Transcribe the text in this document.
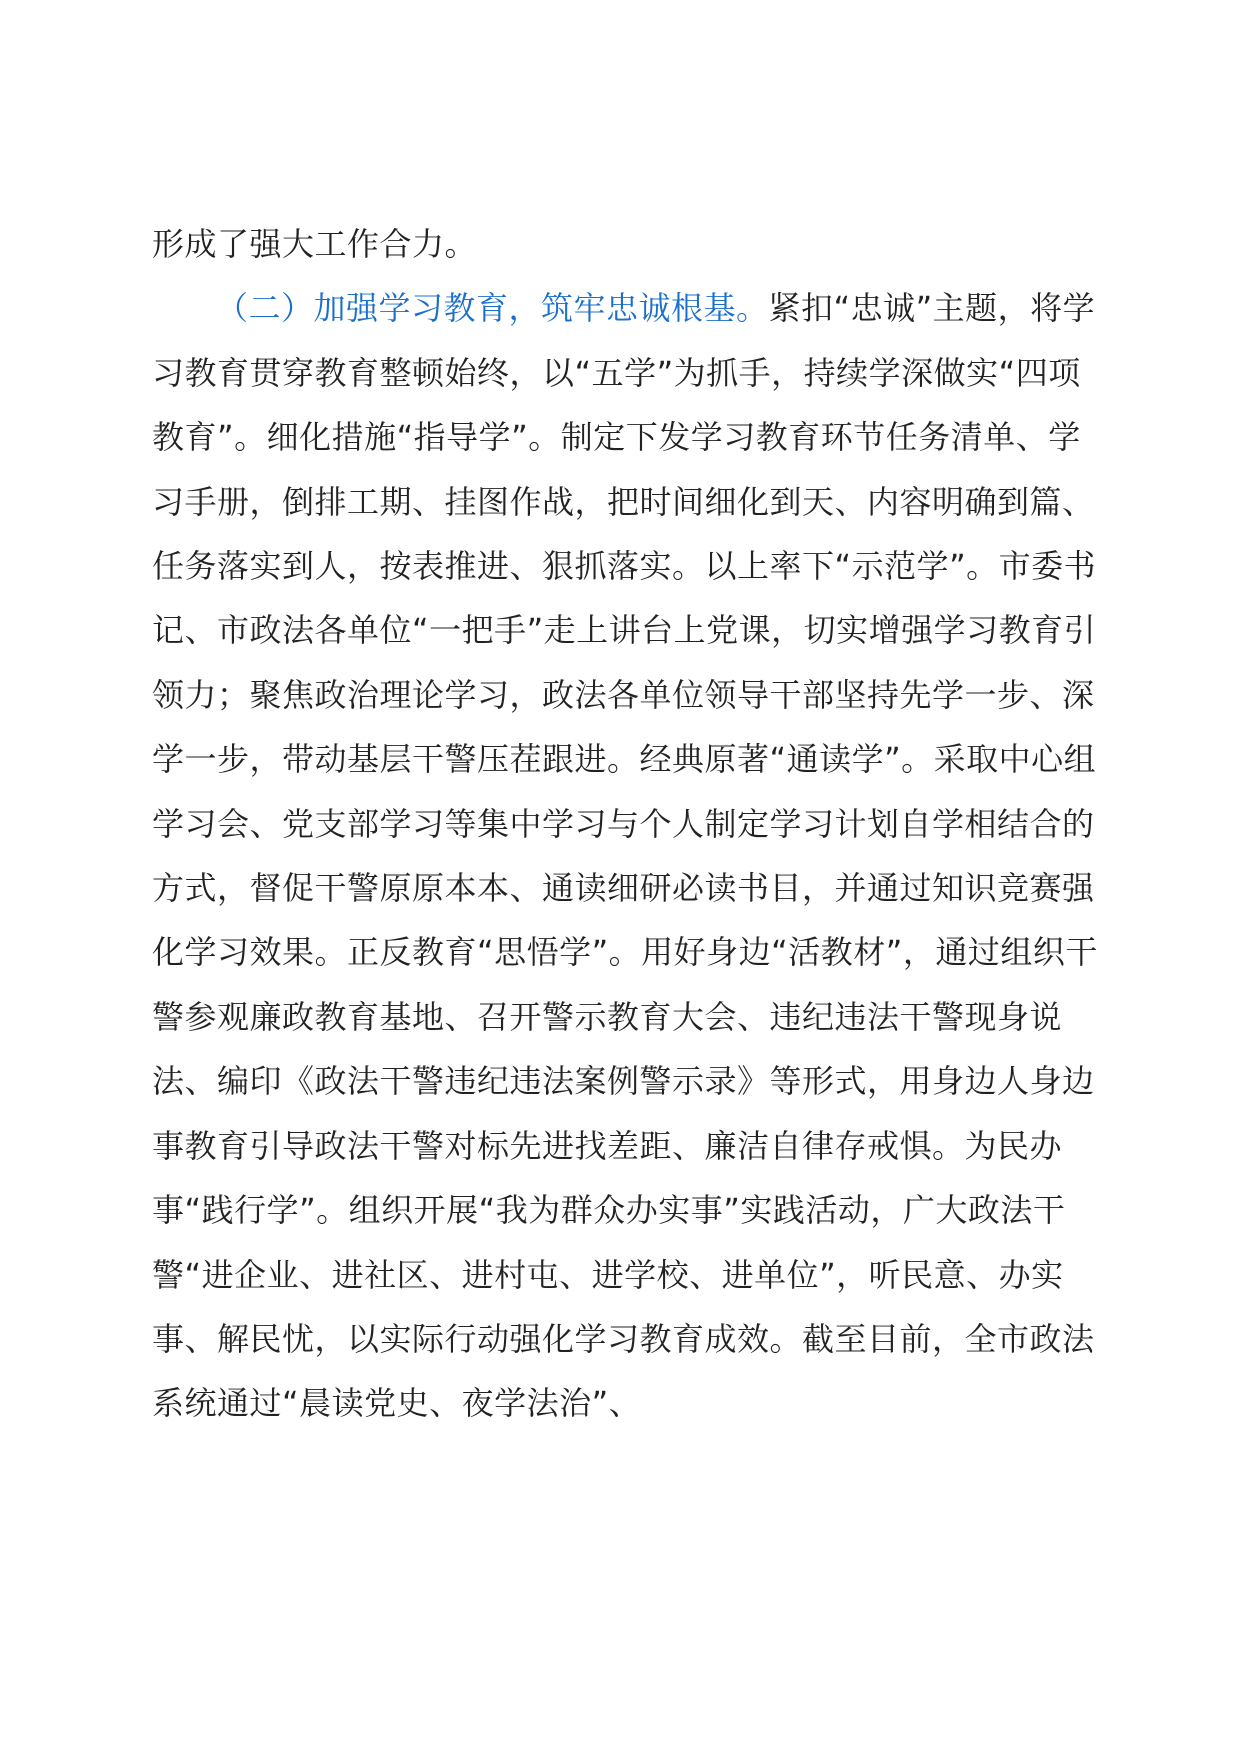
形成了强大工作合力。

（二）加强学习教育，筑牢忠诚根基。紧扣“忠诚”主题，将学习教育贯穿教育整顿始终，以“五学”为抓手，持续学深做实“四项教育”。细化措施“指导学”。制定下发学习教育环节任务清单、学习手册，倒排工期、挂图作战，把时间细化到天、内容明确到篇、任务落实到人，按表推进、狠抓落实。以上率下“示范学”。市委书记、市政法各单位“一把手”走上讲台上党课，切实增强学习教育引领力；聚焦政治理论学习，政法各单位领导干部坚持先学一步、深学一步，带动基层干警压茬跟进。经典原著“通读学”。采取中心组学习会、党支部学习等集中学习与个人制定学习计划自学相结合的方式，督促干警原原本本、通读细研必读书目，并通过知识竞赛强化学习效果。正反教育“思悟学”。用好身边“活教材”，通过组织干警参观廉政教育基地、召开警示教育大会、违纪违法干警现身说法、编印《政法干警违纪违法案例警示录》等形式，用身边人身边事教育引导政法干警对标先进找差距、廉洁自律存戒惧。为民办事“践行学”。组织开展“我为群众办实事”实践活动，广大政法干警“进企业、进社区、进村屯、进学校、进单位”，听民意、办实事、解民忧，以实际行动强化学习教育成效。截至目前，全市政法系统通过“晨读党史、夜学法治”、
